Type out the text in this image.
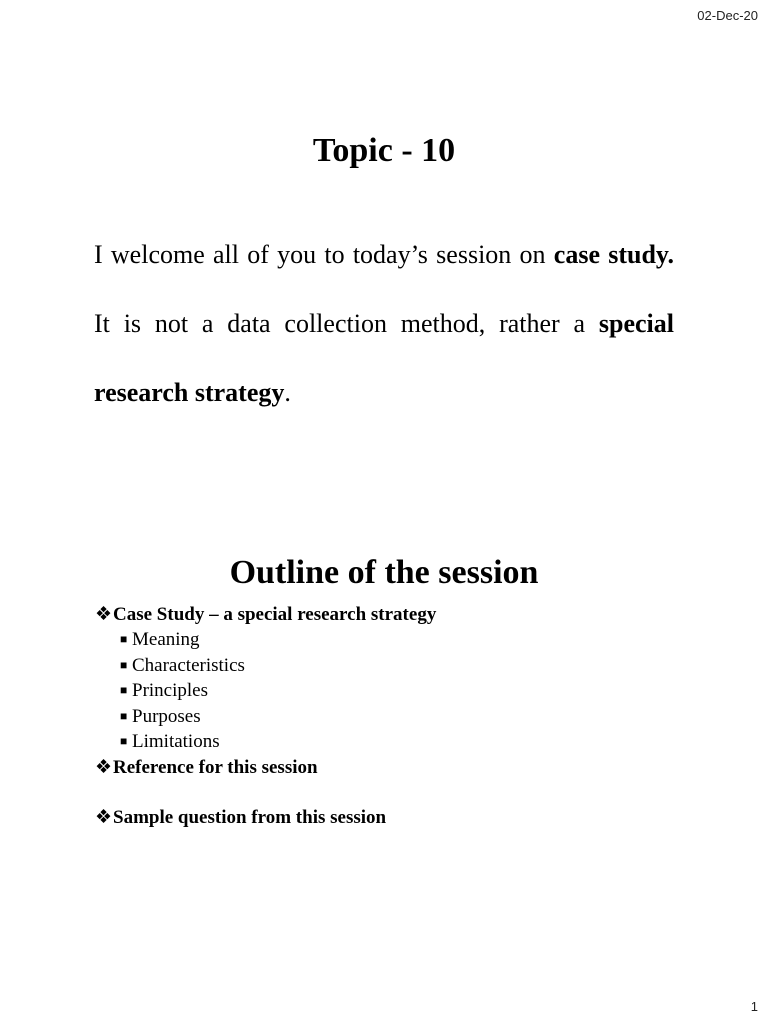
02-Dec-20
Topic - 10

I welcome all of you to today’s session on case study. It is not a data collection method, rather a special research strategy.

Outline of the session
❖Case Study – a special research strategy
■ Meaning
■ Characteristics
■ Principles
■ Purposes
■ Limitations
❖Reference for this session
❖Sample question from this session
1
